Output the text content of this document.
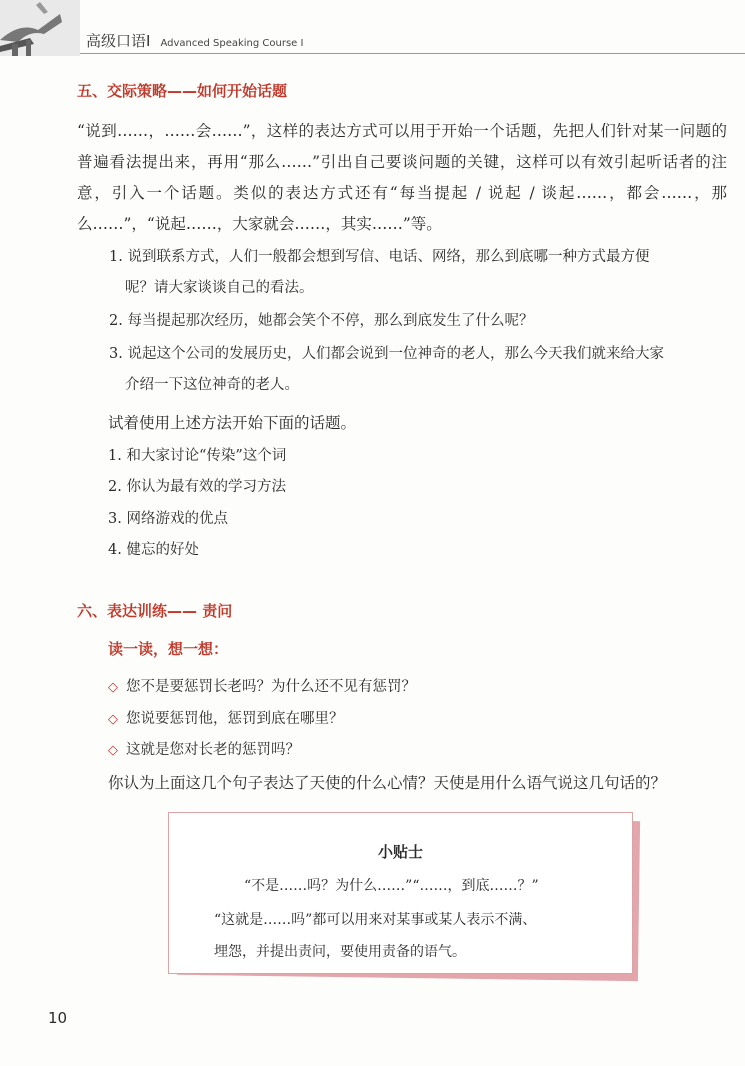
高级口语Ⅰ Advanced Speaking Course Ⅰ
五、交际策略——如何开始话题

“说到……，……会……”，这样的表达方式可以用于开始一个话题，先把人们针对某一问题的普遍看法提出来，再用“那么……”引出自己要谈问题的关键，这样可以有效引起听话者的注意，引入一个话题。类似的表达方式还有“每当提起 / 说起 / 谈起……，都会……，那么……”，“说起……，大家就会……，其实……”等。

1. 说到联系方式，人们一般都会想到写信、电话、网络，那么到底哪一种方式最方便
呢？请大家谈谈自己的看法。
2. 每当提起那次经历，她都会笑个不停，那么到底发生了什么呢？
3. 说起这个公司的发展历史，人们都会说到一位神奇的老人，那么今天我们就来给大家
介绍一下这位神奇的老人。
试着使用上述方法开始下面的话题。
1. 和大家讨论“传染”这个词
2. 你认为最有效的学习方法
3. 网络游戏的优点
4. 健忘的好处
六、表达训练—— 责问
读一读，想一想：
◇ 您不是要惩罚长老吗？为什么还不见有惩罚？
◇ 您说要惩罚他，惩罚到底在哪里？
◇ 这就是您对长老的惩罚吗？
你认为上面这几个句子表达了天使的什么心情？天使是用什么语气说这几句话的？
小贴士
“不是……吗？为什么……”“……，到底……？”
“这就是……吗”都可以用来对某事或某人表示不满、
埋怨，并提出责问，要使用责备的语气。
10
